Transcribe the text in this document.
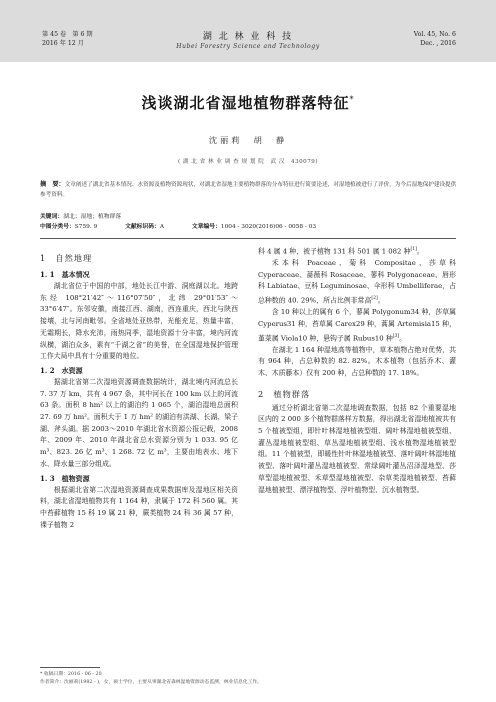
第 45 卷　第 6 期
2016 年 12 月
湖 北 林 业 科 技
Hubei Forestry Science and Technology
Vol. 45, No. 6
Dec. , 2016
浅谈湖北省湿地植物群落特征*
沈丽莉　胡　静
( 湖 北 省 林 业 调 查 规 划 院　武 汉　430079)
摘　要：文章阐述了湖北省基本情况、水资源及植物资源现状，对湖北省湿地主要植物群落的分布特征进行简要论述，对湿地植被进行了评价，为今后湿地保护建设提供参考资料。
关键词：湖北；湿地；植物群落
中图分类号：S759. 9	文献标识码：A	文章编号：1004 - 3020(2016)06 - 0058 - 03
1　自然地理
1. 1　基本情况

湖北省位于中国的中部，地处长江中游、洞庭湖以北。地跨东经 108°21′42″～116°07′50″，北纬 29°01′53″～33°6′47″。东邻安徽，南接江西、湖南，西连重庆，西北与陕西接壤，北与河南毗邻。全省地处亚热带，光能充足，热量丰富，无霜期长，降水充沛，雨热同季，湿地资源十分丰富，境内河流纵横，湖泊众多，素有“千湖之省”的美誉，在全国湿地保护管理工作大局中具有十分重要的地位。

1. 2　水资源

据湖北省第二次湿地资源调查数据统计，湖北境内河流总长 7. 37 万 km，共有 4 967 条，其中河长在 100 km 以上的河流 63 条。面积 8 hm² 以上的湖泊约 1 065 个，湖泊湿地总面积 27. 69 万 hm²。面积大于 1 万 hm² 的湖泊有洪湖、长湖、梁子湖、斧头湖。据 2003～2010 年湖北省水资源公报记载，2008 年、2009 年、2010 年湖北省总水资源分别为 1 033. 95 亿 m³、823. 26 亿 m³、1 268. 72 亿 m³，主要由地表水、地下水、降水量三部分组成。

1. 3　植物资源

根据湖北省第二次湿地资源调查成果数据库及湿地区相关资料，湖北省湿地植物共有 1 164 种，隶属于 172 科 560 属。其中苔藓植物 15 科 19 属 21 种，蕨类植物 24 科 36 属 57 种，裸子植物 2

科 4 属 4 种，被子植物 131 科 501 属 1 082 种[1]。

禾本科 Poaceae、菊科 Compositae、莎草科 Cyperaceae、蔷薇科 Rosaceae、蓼科 Polygonaceae、唇形科 Labiatae、豆科 Leguminosae、伞形科 Umbelliferae，占总种数的 40. 29%，所占比例非常高[2]。

含 10 种以上的属有 6 个，蓼属 Polygonum34 种，莎草属 Cyperus31 种，苔草属 Carex29 种，蒿属 Artemisia15 种，堇菜属 Viola10 种，悬钩子属 Rubus10 种[3]。

在湖北 1 164 种湿地高等植物中，草本植物占绝对优势，共有 964 种，占总种数的 82. 82%。木本植物（包括乔木、灌木、木质藤本）仅有 200 种，占总种数的 17. 18%。

2　植物群落

通过分析湖北省第二次湿地调查数据，包括 82 个重要湿地区内的 2 000 多个植物群落样方数据，得出湖北省湿地植被共有 5 个植被型组，即针叶林湿地植被型组、阔叶林湿地植被型组、灌丛湿地植被型组、草丛湿地植被型组、浅水植物湿地植被型组。11 个植被型，即暖性针叶林湿地植被型、落叶阔叶林湿地植被型、落叶阔叶灌丛湿地植被型、常绿阔叶灌丛沼泽湿地型、莎草型湿地植被型、禾草型湿地植被型、杂草类湿地植被型、苔藓湿地植被型、漂浮植物型、浮叶植物型、沉水植物型。

* 收稿日期：2016 - 06 - 20
作者简介：沈丽莉(1982 - )，女，硕士学位，主要从事湖北省森林湿地资源动态监测、林业信息化工作。
